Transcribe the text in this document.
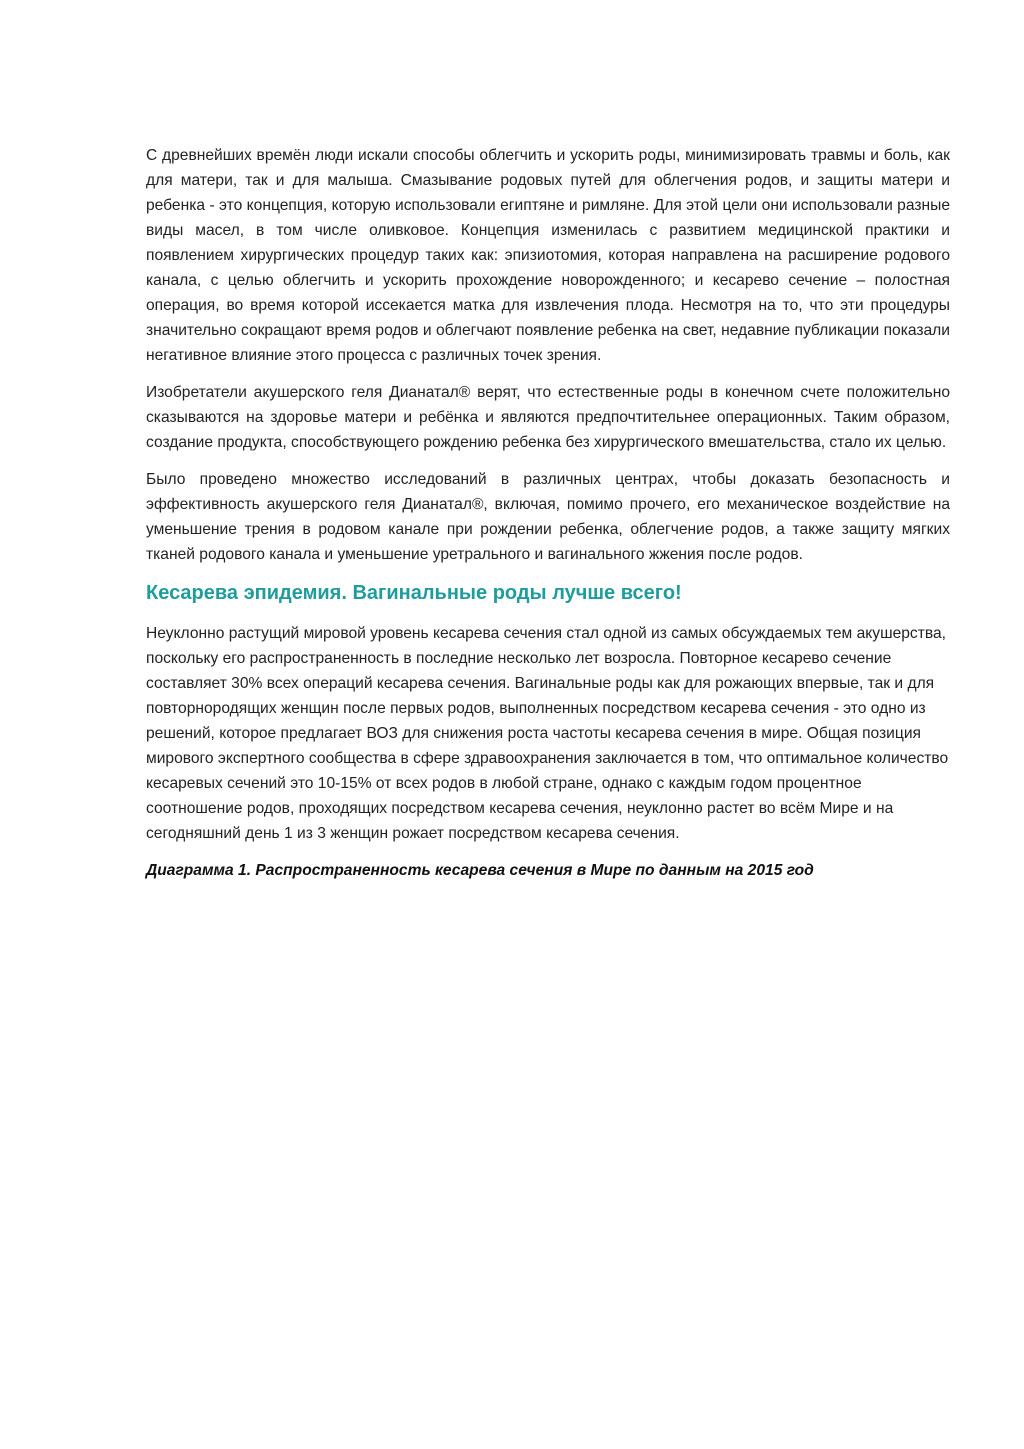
С древнейших времён люди искали способы облегчить и ускорить роды, минимизировать травмы и боль, как для матери, так и для малыша. Смазывание родовых путей для облегчения родов, и защиты матери и ребенка - это концепция, которую использовали египтяне и римляне. Для этой цели они использовали разные виды масел, в том числе оливковое. Концепция изменилась с развитием медицинской практики и появлением хирургических процедур таких как: эпизиотомия, которая направлена на расширение родового канала, с целью облегчить и ускорить прохождение новорожденного; и кесарево сечение – полостная операция, во время которой иссекается матка для извлечения плода. Несмотря на то, что эти процедуры значительно сокращают время родов и облегчают появление ребенка на свет, недавние публикации показали негативное влияние этого процесса с различных точек зрения.

Изобретатели акушерского геля Дианатал® верят, что естественные роды в конечном счете положительно сказываются на здоровье матери и ребёнка и являются предпочтительнее операционных. Таким образом, создание продукта, способствующего рождению ребенка без хирургического вмешательства, стало их целью.

Было проведено множество исследований в различных центрах, чтобы доказать безопасность и эффективность акушерского геля Дианатал®, включая, помимо прочего, его механическое воздействие на уменьшение трения в родовом канале при рождении ребенка, облегчение родов, а также защиту мягких тканей родового канала и уменьшение уретрального и вагинального жжения после родов.

Кесарева эпидемия. Вагинальные роды лучше всего!

Неуклонно растущий мировой уровень кесарева сечения стал одной из самых обсуждаемых тем акушерства, поскольку его распространенность в последние несколько лет возросла. Повторное кесарево сечение составляет 30% всех операций кесарева сечения. Вагинальные роды как для рожающих впервые, так и для повторнородящих женщин после первых родов, выполненных посредством кесарева сечения - это одно из решений, которое предлагает ВОЗ для снижения роста частоты кесарева сечения в мире. Общая позиция мирового экспертного сообщества в сфере здравоохранения заключается в том, что оптимальное количество кесаревых сечений это 10-15% от всех родов в любой стране, однако с каждым годом процентное соотношение родов, проходящих посредством кесарева сечения, неуклонно растет во всём Мире и на сегодняшний день 1 из 3 женщин рожает посредством кесарева сечения.

Диаграмма 1. Распространенность кесарева сечения в Мире по данным на 2015 год
